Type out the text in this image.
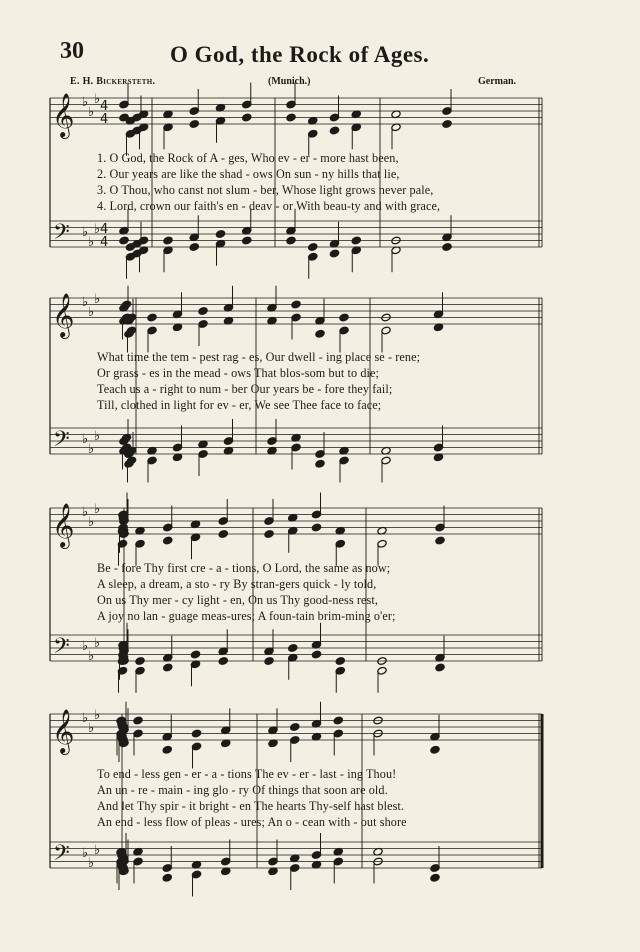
30	O God, the Rock of Ages.
E. H. Bickersteth.	(Munich.)	German.
𝄞
𝄢
♭
♭
♭
♭
♭
♭
4
4
4
4
𝄞
𝄢
♭
♭
♭
♭
♭
♭
𝄞
𝄢
♭
♭
♭
♭
♭
♭
𝄞
𝄢
♭
♭
♭
♭
♭
♭
1. O God, the Rock of A - ges, Who ev - er - more hast been,
2. Our years are like the shad - ows On sun - ny hills that lie,
3. O Thou, who canst not slum - ber, Whose light grows never pale,
4. Lord, crown our faith's en - deav - or With beau-ty and with grace,
What time the tem - pest rag - es, Our dwell - ing place se - rene;
Or grass - es in the mead - ows That blos-som but to die;
Teach us a - right to num - ber Our years be - fore they fail;
Till, clothed in light for ev - er, We see Thee face to face;
Be - fore Thy first cre - a - tions, O Lord, the same as now;
A sleep, a dream, a sto - ry By stran-gers quick - ly told,
On us Thy mer - cy light - en, On us Thy good-ness rest,
A joy no lan - guage meas-ures; A foun-tain brim-ming o'er;
To end - less gen - er - a - tions The ev - er - last - ing Thou!
An un - re - main - ing glo - ry Of things that soon are old.
And let Thy spir - it bright - en The hearts Thy-self hast blest.
An end - less flow of pleas - ures; An o - cean with - out shore
